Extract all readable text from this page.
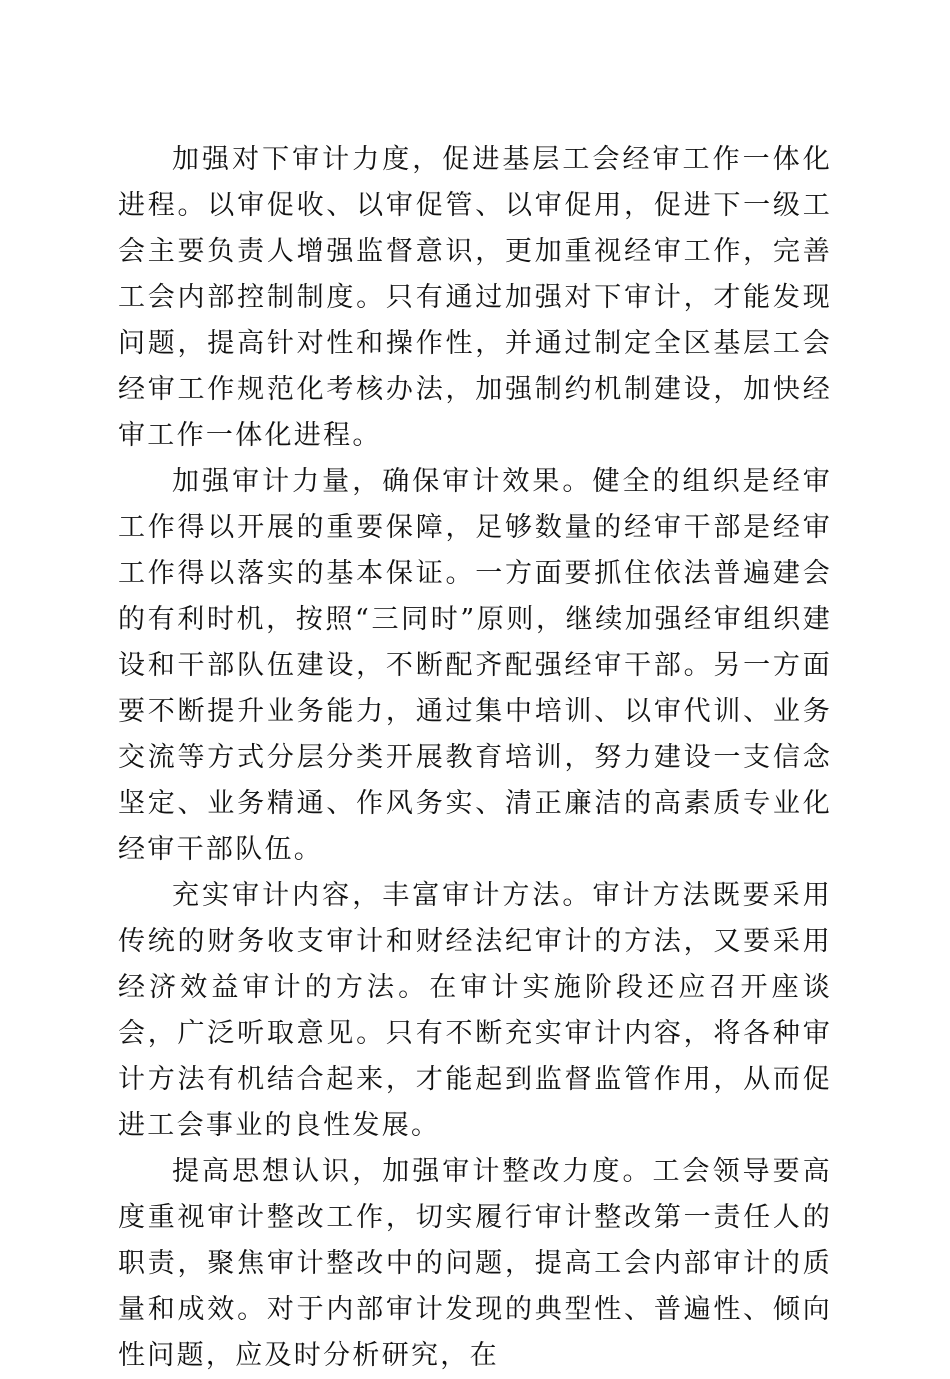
加强对下审计力度，促进基层工会经审工作一体化进程。以审促收、以审促管、以审促用，促进下一级工会主要负责人增强监督意识，更加重视经审工作，完善工会内部控制制度。只有通过加强对下审计，才能发现问题，提高针对性和操作性，并通过制定全区基层工会经审工作规范化考核办法，加强制约机制建设，加快经审工作一体化进程。

加强审计力量，确保审计效果。健全的组织是经审工作得以开展的重要保障，足够数量的经审干部是经审工作得以落实的基本保证。一方面要抓住依法普遍建会的有利时机，按照“三同时”原则，继续加强经审组织建设和干部队伍建设，不断配齐配强经审干部。另一方面要不断提升业务能力，通过集中培训、以审代训、业务交流等方式分层分类开展教育培训，努力建设一支信念坚定、业务精通、作风务实、清正廉洁的高素质专业化经审干部队伍。

充实审计内容，丰富审计方法。审计方法既要采用传统的财务收支审计和财经法纪审计的方法，又要采用经济效益审计的方法。在审计实施阶段还应召开座谈会，广泛听取意见。只有不断充实审计内容，将各种审计方法有机结合起来，才能起到监督监管作用，从而促进工会事业的良性发展。

提高思想认识，加强审计整改力度。工会领导要高度重视审计整改工作，切实履行审计整改第一责任人的职责，聚焦审计整改中的问题，提高工会内部审计的质量和成效。对于内部审计发现的典型性、普遍性、倾向性问题，应及时分析研究，在
